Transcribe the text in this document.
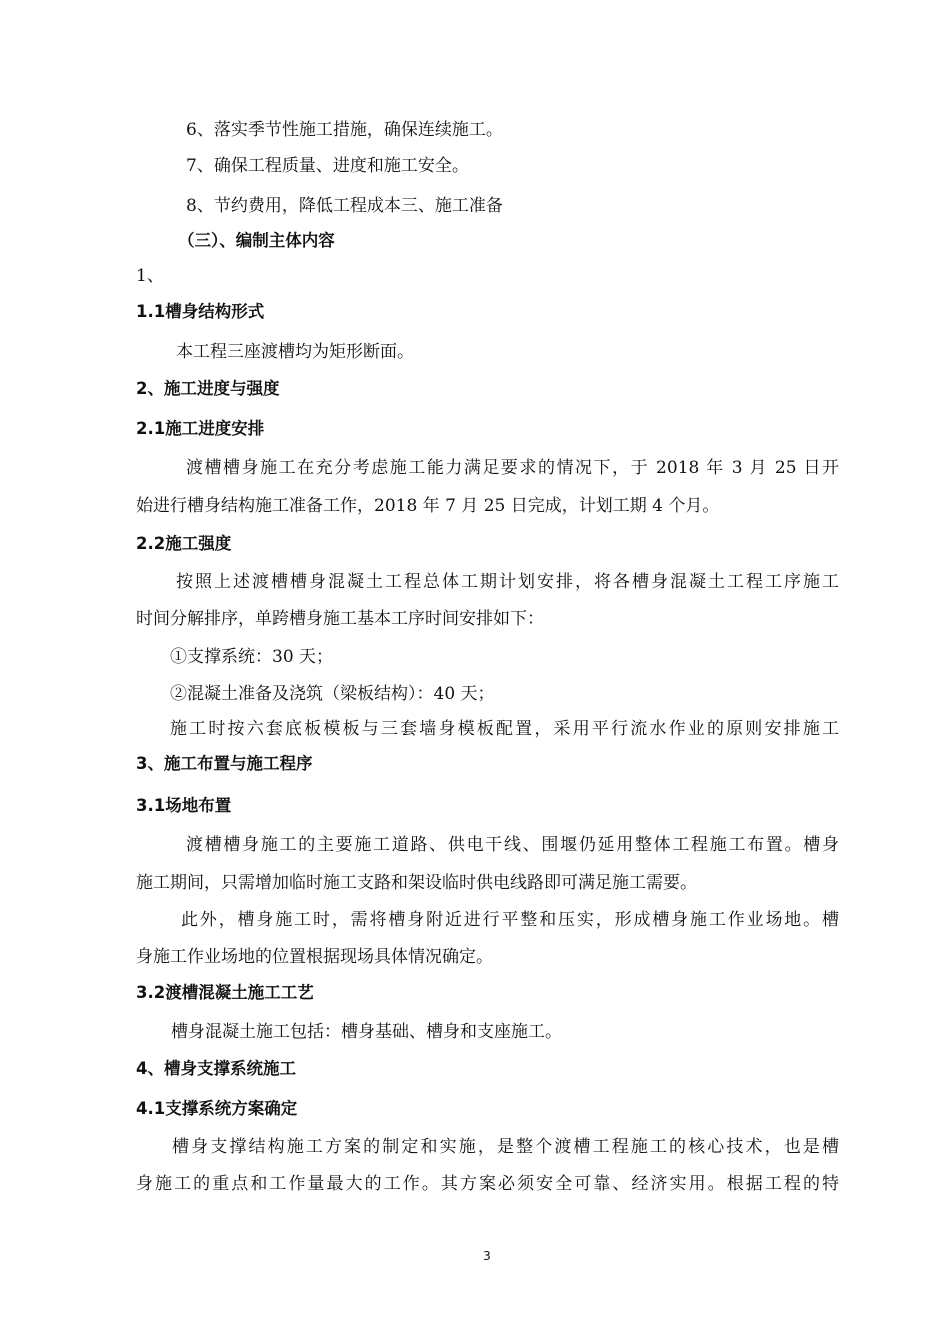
6、落实季节性施工措施，确保连续施工。
7、确保工程质量、进度和施工安全。
8、节约费用，降低工程成本三、施工准备
（三）、编制主体内容
1、
1.1槽身结构形式
本工程三座渡槽均为矩形断面。
2、施工进度与强度
2.1施工进度安排
渡槽槽身施工在充分考虑施工能力满足要求的情况下，于 2018 年 3 月 25 日开
始进行槽身结构施工准备工作，2018 年 7 月 25 日完成，计划工期 4 个月。
2.2施工强度
按照上述渡槽槽身混凝土工程总体工期计划安排，将各槽身混凝土工程工序施工
时间分解排序，单跨槽身施工基本工序时间安排如下：
①支撑系统：30 天；
②混凝土准备及浇筑（梁板结构）：40 天；
施工时按六套底板模板与三套墙身模板配置，采用平行流水作业的原则安排施工
3、施工布置与施工程序
3.1场地布置
渡槽槽身施工的主要施工道路、供电干线、围堰仍延用整体工程施工布置。槽身
施工期间，只需增加临时施工支路和架设临时供电线路即可满足施工需要。
此外，槽身施工时，需将槽身附近进行平整和压实，形成槽身施工作业场地。槽
身施工作业场地的位置根据现场具体情况确定。
3.2渡槽混凝土施工工艺
槽身混凝土施工包括：槽身基础、槽身和支座施工。
4、槽身支撑系统施工
4.1支撑系统方案确定
槽身支撑结构施工方案的制定和实施，是整个渡槽工程施工的核心技术，也是槽
身施工的重点和工作量最大的工作。其方案必须安全可靠、经济实用。根据工程的特
3
